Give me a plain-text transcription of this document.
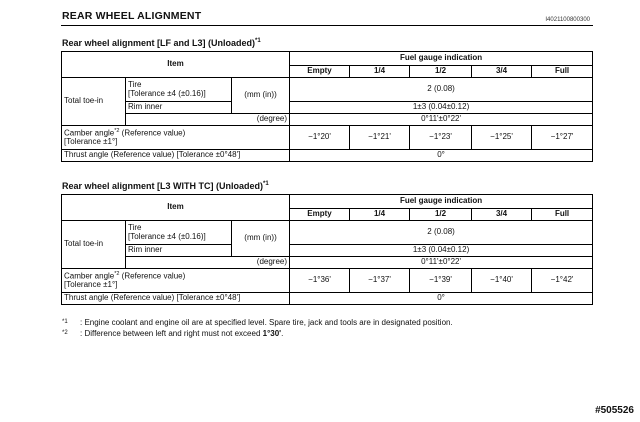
REAR WHEEL ALIGNMENT	I4021100800300
Rear wheel alignment [LF and L3] (Unloaded)$^{*1}$
Item			Fuel gauge indication				
			Empty	1/4	1/2	3/4	Full
Total toe-in	Tire
[Tolerance ±4 (±0.16)]	(mm (in))	2 (0.08)				
	Rim inner		1±3 (0.04±0.12)				
	(degree)		0°11'±0°22'				

Camber angle$^{*2}$ (Reference value)
[Tolerance ±1°]			−1°20'	−1°21'	−1°23'	−1°25'	−1°27'
Thrust angle (Reference value) [Tolerance ±0°48']			0°				
Rear wheel alignment [L3 WITH TC] (Unloaded)$^{*1}$
Item			Fuel gauge indication				
			Empty	1/4	1/2	3/4	Full
Total toe-in	Tire
[Tolerance ±4 (±0.16)]	(mm (in))	2 (0.08)				
	Rim inner		1±3 (0.04±0.12)				
	(degree)		0°11'±0°22'				

Camber angle$^{*2}$ (Reference value)
[Tolerance ±1°]			−1°36'	−1°37'	−1°39'	−1°40'	−1°42'
Thrust angle (Reference value) [Tolerance ±0°48']			0°				
*1 : Engine coolant and engine oil are at specified level. Spare tire, jack and tools are in designated position.
*2 : Difference between left and right must not exceed 1°30'.
#505526
